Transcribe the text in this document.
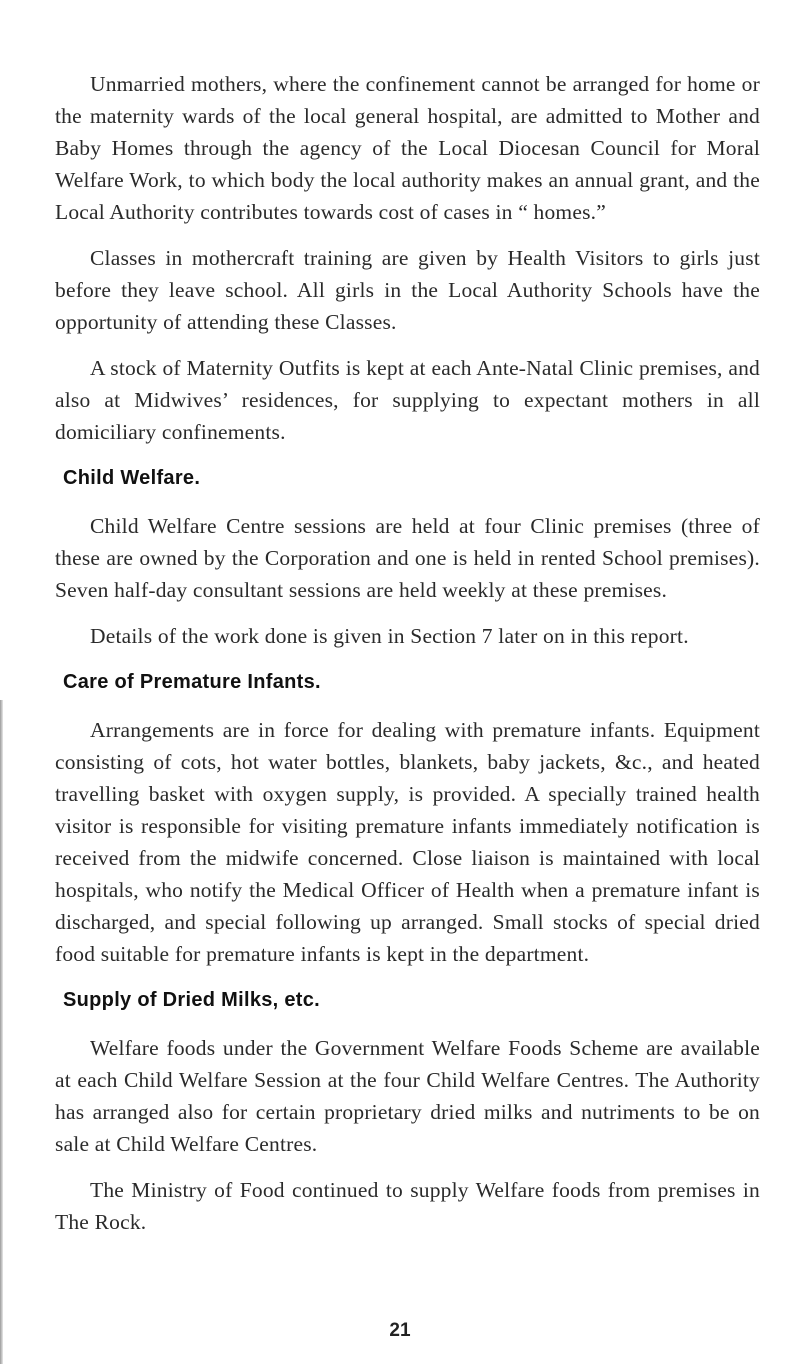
Unmarried mothers, where the confinement cannot be arranged for home or the maternity wards of the local general hospital, are admitted to Mother and Baby Homes through the agency of the Local Diocesan Council for Moral Welfare Work, to which body the local authority makes an annual grant, and the Local Authority contributes towards cost of cases in “ homes.”

Classes in mothercraft training are given by Health Visitors to girls just before they leave school. All girls in the Local Authority Schools have the opportunity of attending these Classes.

A stock of Maternity Outfits is kept at each Ante-Natal Clinic premises, and also at Midwives’ residences, for supplying to expectant mothers in all domiciliary confinements.

Child Welfare.

Child Welfare Centre sessions are held at four Clinic premises (three of these are owned by the Corporation and one is held in rented School premises). Seven half-day consultant sessions are held weekly at these premises.

Details of the work done is given in Section 7 later on in this report.

Care of Premature Infants.

Arrangements are in force for dealing with premature infants. Equipment consisting of cots, hot water bottles, blankets, baby jackets, &c., and heated travelling basket with oxygen supply, is provided. A specially trained health visitor is responsible for visiting premature infants immediately notification is received from the midwife concerned. Close liaison is maintained with local hospitals, who notify the Medical Officer of Health when a premature infant is discharged, and special following up arranged. Small stocks of special dried food suitable for premature infants is kept in the department.

Supply of Dried Milks, etc.

Welfare foods under the Government Welfare Foods Scheme are available at each Child Welfare Session at the four Child Welfare Centres. The Authority has arranged also for certain proprietary dried milks and nutriments to be on sale at Child Welfare Centres.

The Ministry of Food continued to supply Welfare foods from premises in The Rock.

21
